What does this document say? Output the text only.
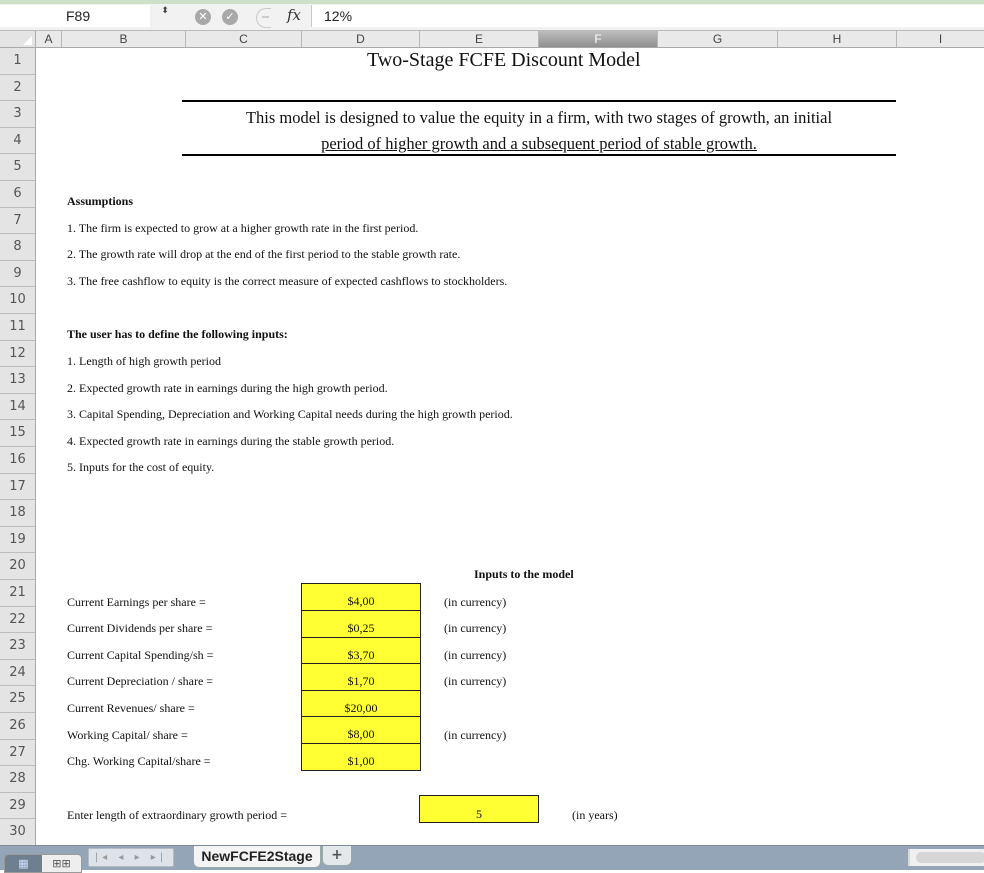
F89	⬍	✕	✓	fx	12%
A	B	C	D	E	F	G	H	I
1
2
3
4
5
6
7
8
9
10
11
12
13
14
15
16
17
18
19
20
21
22
23
24
25
26
27
28
29
30
Two-Stage FCFE Discount Model
This model is designed to value the equity in a firm, with two stages of growth, an initial
period of higher growth and a subsequent period of stable growth.
Assumptions
1. The firm is expected to grow at a higher growth rate in the first period.
2. The growth rate will drop at the end of the first period to the stable growth rate.
3. The free cashflow to equity is the correct measure of expected cashflows to stockholders.
The user has to define the following inputs:
1. Length of high growth period
2. Expected growth rate in earnings during the high growth period.
3. Capital Spending, Depreciation and Working Capital needs during the high growth period.
4. Expected growth rate in earnings during the stable growth period.
5. Inputs for the cost of equity.
Inputs to the model
Current Earnings per share =	$4,00	(in currency)
Current Dividends per share =	$0,25	(in currency)
Current Capital Spending/sh =	$3,70	(in currency)
Current Depreciation / share =	$1,70	(in currency)
Current Revenues/ share =	$20,00
Working Capital/ share =	$8,00	(in currency)
Chg. Working Capital/share =	$1,00
Enter length of extraordinary growth period =	5	(in years)
▦	⊞⊞	|◂ ◂ ▸ ▸|	NewFCFE2Stage	+
